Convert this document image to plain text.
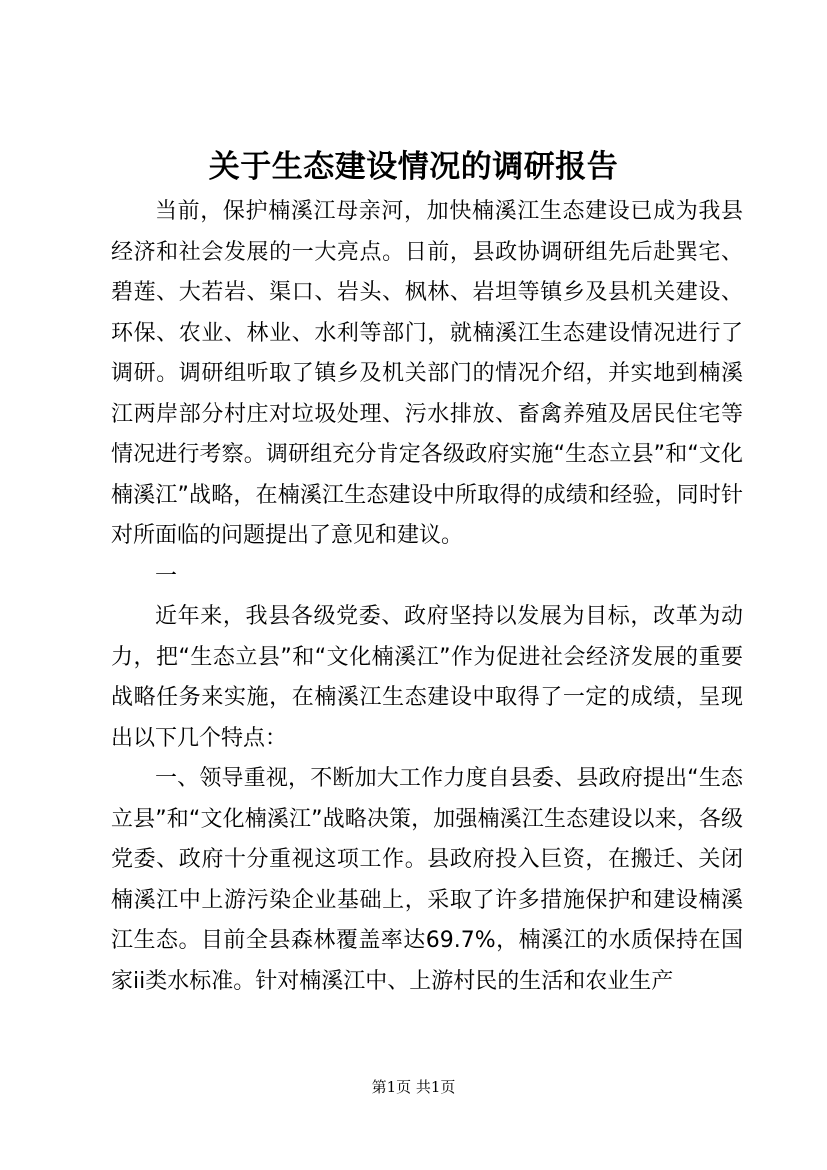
关于生态建设情况的调研报告

当前，保护楠溪江母亲河，加快楠溪江生态建设已成为我县经济和社会发展的一大亮点。日前，县政协调研组先后赴巽宅、碧莲、大若岩、渠口、岩头、枫林、岩坦等镇乡及县机关建设、环保、农业、林业、水利等部门，就楠溪江生态建设情况进行了调研。调研组听取了镇乡及机关部门的情况介绍，并实地到楠溪江两岸部分村庄对垃圾处理、污水排放、畜禽养殖及居民住宅等情况进行考察。调研组充分肯定各级政府实施“生态立县”和“文化楠溪江”战略，在楠溪江生态建设中所取得的成绩和经验，同时针对所面临的问题提出了意见和建议。

一

近年来，我县各级党委、政府坚持以发展为目标，改革为动力，把“生态立县”和“文化楠溪江”作为促进社会经济发展的重要战略任务来实施，在楠溪江生态建设中取得了一定的成绩，呈现出以下几个特点：

一、领导重视，不断加大工作力度自县委、县政府提出“生态立县”和“文化楠溪江”战略决策，加强楠溪江生态建设以来，各级党委、政府十分重视这项工作。县政府投入巨资，在搬迁、关闭楠溪江中上游污染企业基础上，采取了许多措施保护和建设楠溪江生态。目前全县森林覆盖率达69.7%，楠溪江的水质保持在国家ii类水标准。针对楠溪江中、上游村民的生活和农业生产

第1页 共1页
